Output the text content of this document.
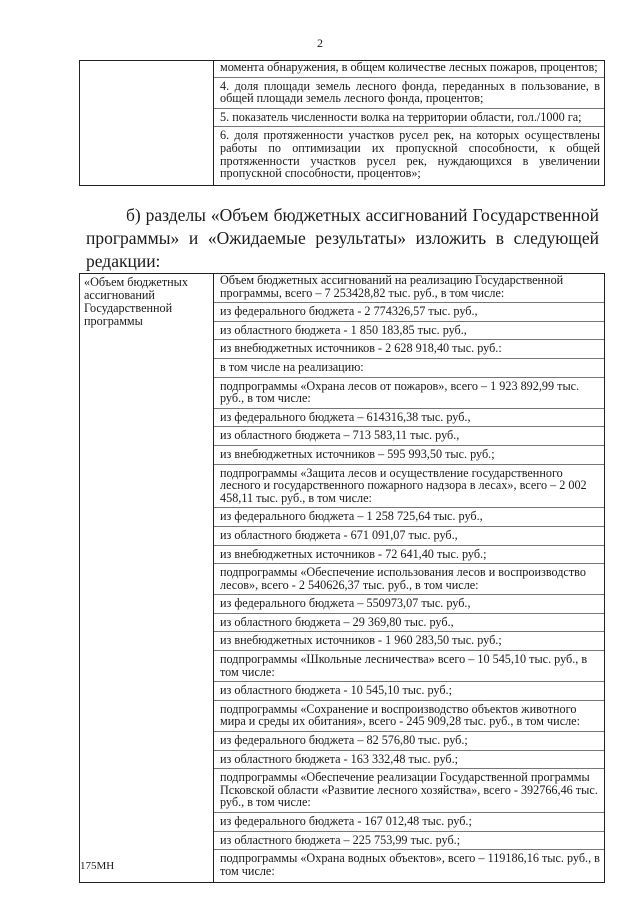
2

момента обнаружения, в общем количестве лесных пожаров, процентов;
4. доля площади земель лесного фонда, переданных в пользование, в общей площади земель лесного фонда, процентов;
5. показатель численности волка на территории области, гол./1000 га;
6. доля протяженности участков русел рек, на которых осуществлены работы по оптимизации их пропускной способности, к общей протяженности участков русел рек, нуждающихся в увеличении пропускной способности, процентов»;
б) разделы «Объем бюджетных ассигнований Государственной программы» и «Ожидаемые результаты» изложить в следующей редакции:
«Объем бюджетных ассигнований Государственной программы	
Объем бюджетных ассигнований на реализацию Государственной программы, всего – 7 253428,82 тыс. руб., в том числе:
из федерального бюджета - 2 774326,57 тыс. руб.,
из областного бюджета - 1 850 183,85 тыс. руб.,
из внебюджетных источников - 2 628 918,40 тыс. руб.:
в том числе на реализацию:
подпрограммы «Охрана лесов от пожаров», всего – 1 923 892,99 тыс. руб., в том числе:
из федерального бюджета – 614316,38 тыс. руб.,
из областного бюджета – 713 583,11 тыс. руб.,
из внебюджетных источников – 595 993,50 тыс. руб.;
подпрограммы «Защита лесов и осуществление государственного лесного и государственного пожарного надзора в лесах», всего – 2 002 458,11 тыс. руб., в том числе:
из федерального бюджета – 1 258 725,64 тыс. руб.,
из областного бюджета - 671 091,07 тыс. руб.,
из внебюджетных источников - 72 641,40 тыс. руб.;
подпрограммы «Обеспечение использования лесов и воспроизводство лесов», всего - 2 540626,37 тыс. руб., в том числе:
из федерального бюджета – 550973,07 тыс. руб.,
из областного бюджета – 29 369,80 тыс. руб.,
из внебюджетных источников - 1 960 283,50 тыс. руб.;
подпрограммы «Школьные лесничества» всего – 10 545,10 тыс. руб., в том числе:
из областного бюджета - 10 545,10 тыс. руб.;
подпрограммы «Сохранение и воспроизводство объектов животного мира и среды их обитания», всего - 245 909,28 тыс. руб., в том числе:
из федерального бюджета – 82 576,80 тыс. руб.;
из областного бюджета - 163 332,48 тыс. руб.;
подпрограммы «Обеспечение реализации Государственной программы Псковской области «Развитие лесного хозяйства», всего - 392766,46 тыс. руб., в том числе:
из федерального бюджета - 167 012,48 тыс. руб.;
из областного бюджета – 225 753,99 тыс. руб.;
подпрограммы «Охрана водных объектов», всего – 119186,16 тыс. руб., в том числе:
175МН
